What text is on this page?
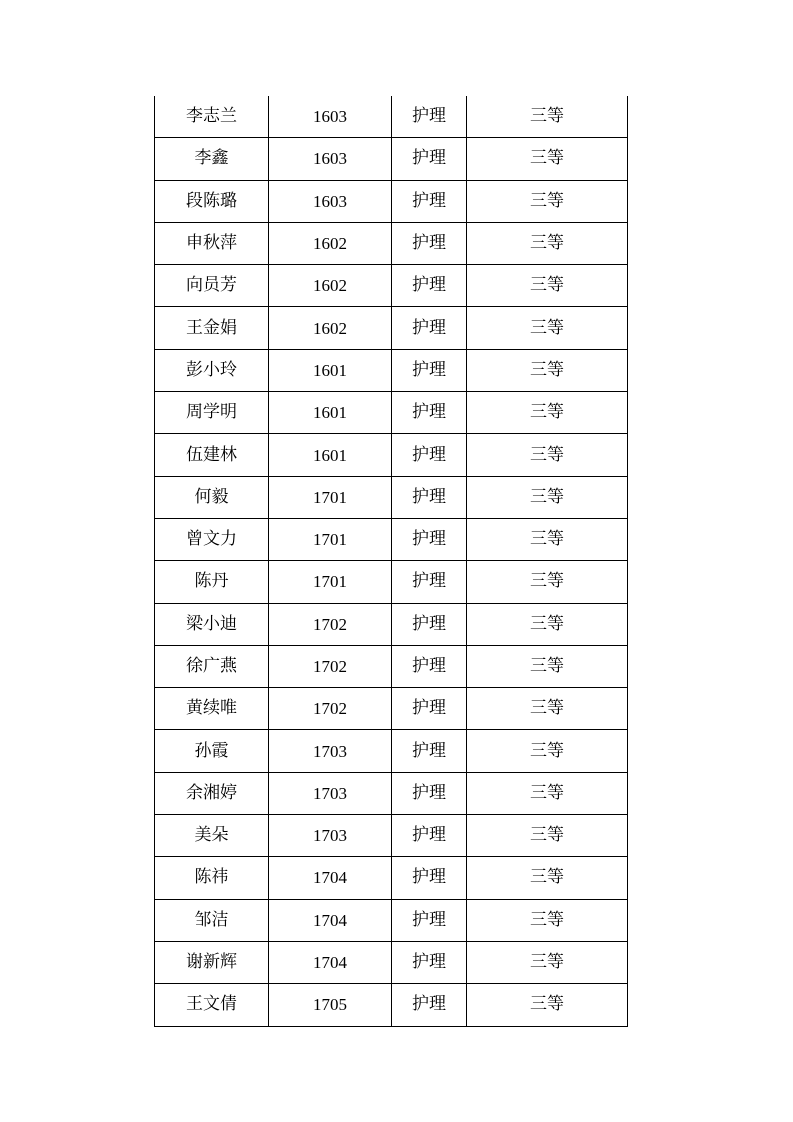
李志兰	1603	护理	三等
李鑫	1603	护理	三等
段陈璐	1603	护理	三等
申秋萍	1602	护理	三等
向员芳	1602	护理	三等
王金娟	1602	护理	三等
彭小玲	1601	护理	三等
周学明	1601	护理	三等
伍建林	1601	护理	三等
何毅	1701	护理	三等
曾文力	1701	护理	三等
陈丹	1701	护理	三等
梁小迪	1702	护理	三等
徐广燕	1702	护理	三等
黄续唯	1702	护理	三等
孙霞	1703	护理	三等
余湘婷	1703	护理	三等
美朵	1703	护理	三等
陈祎	1704	护理	三等
邹洁	1704	护理	三等
谢新辉	1704	护理	三等
王文倩	1705	护理	三等
